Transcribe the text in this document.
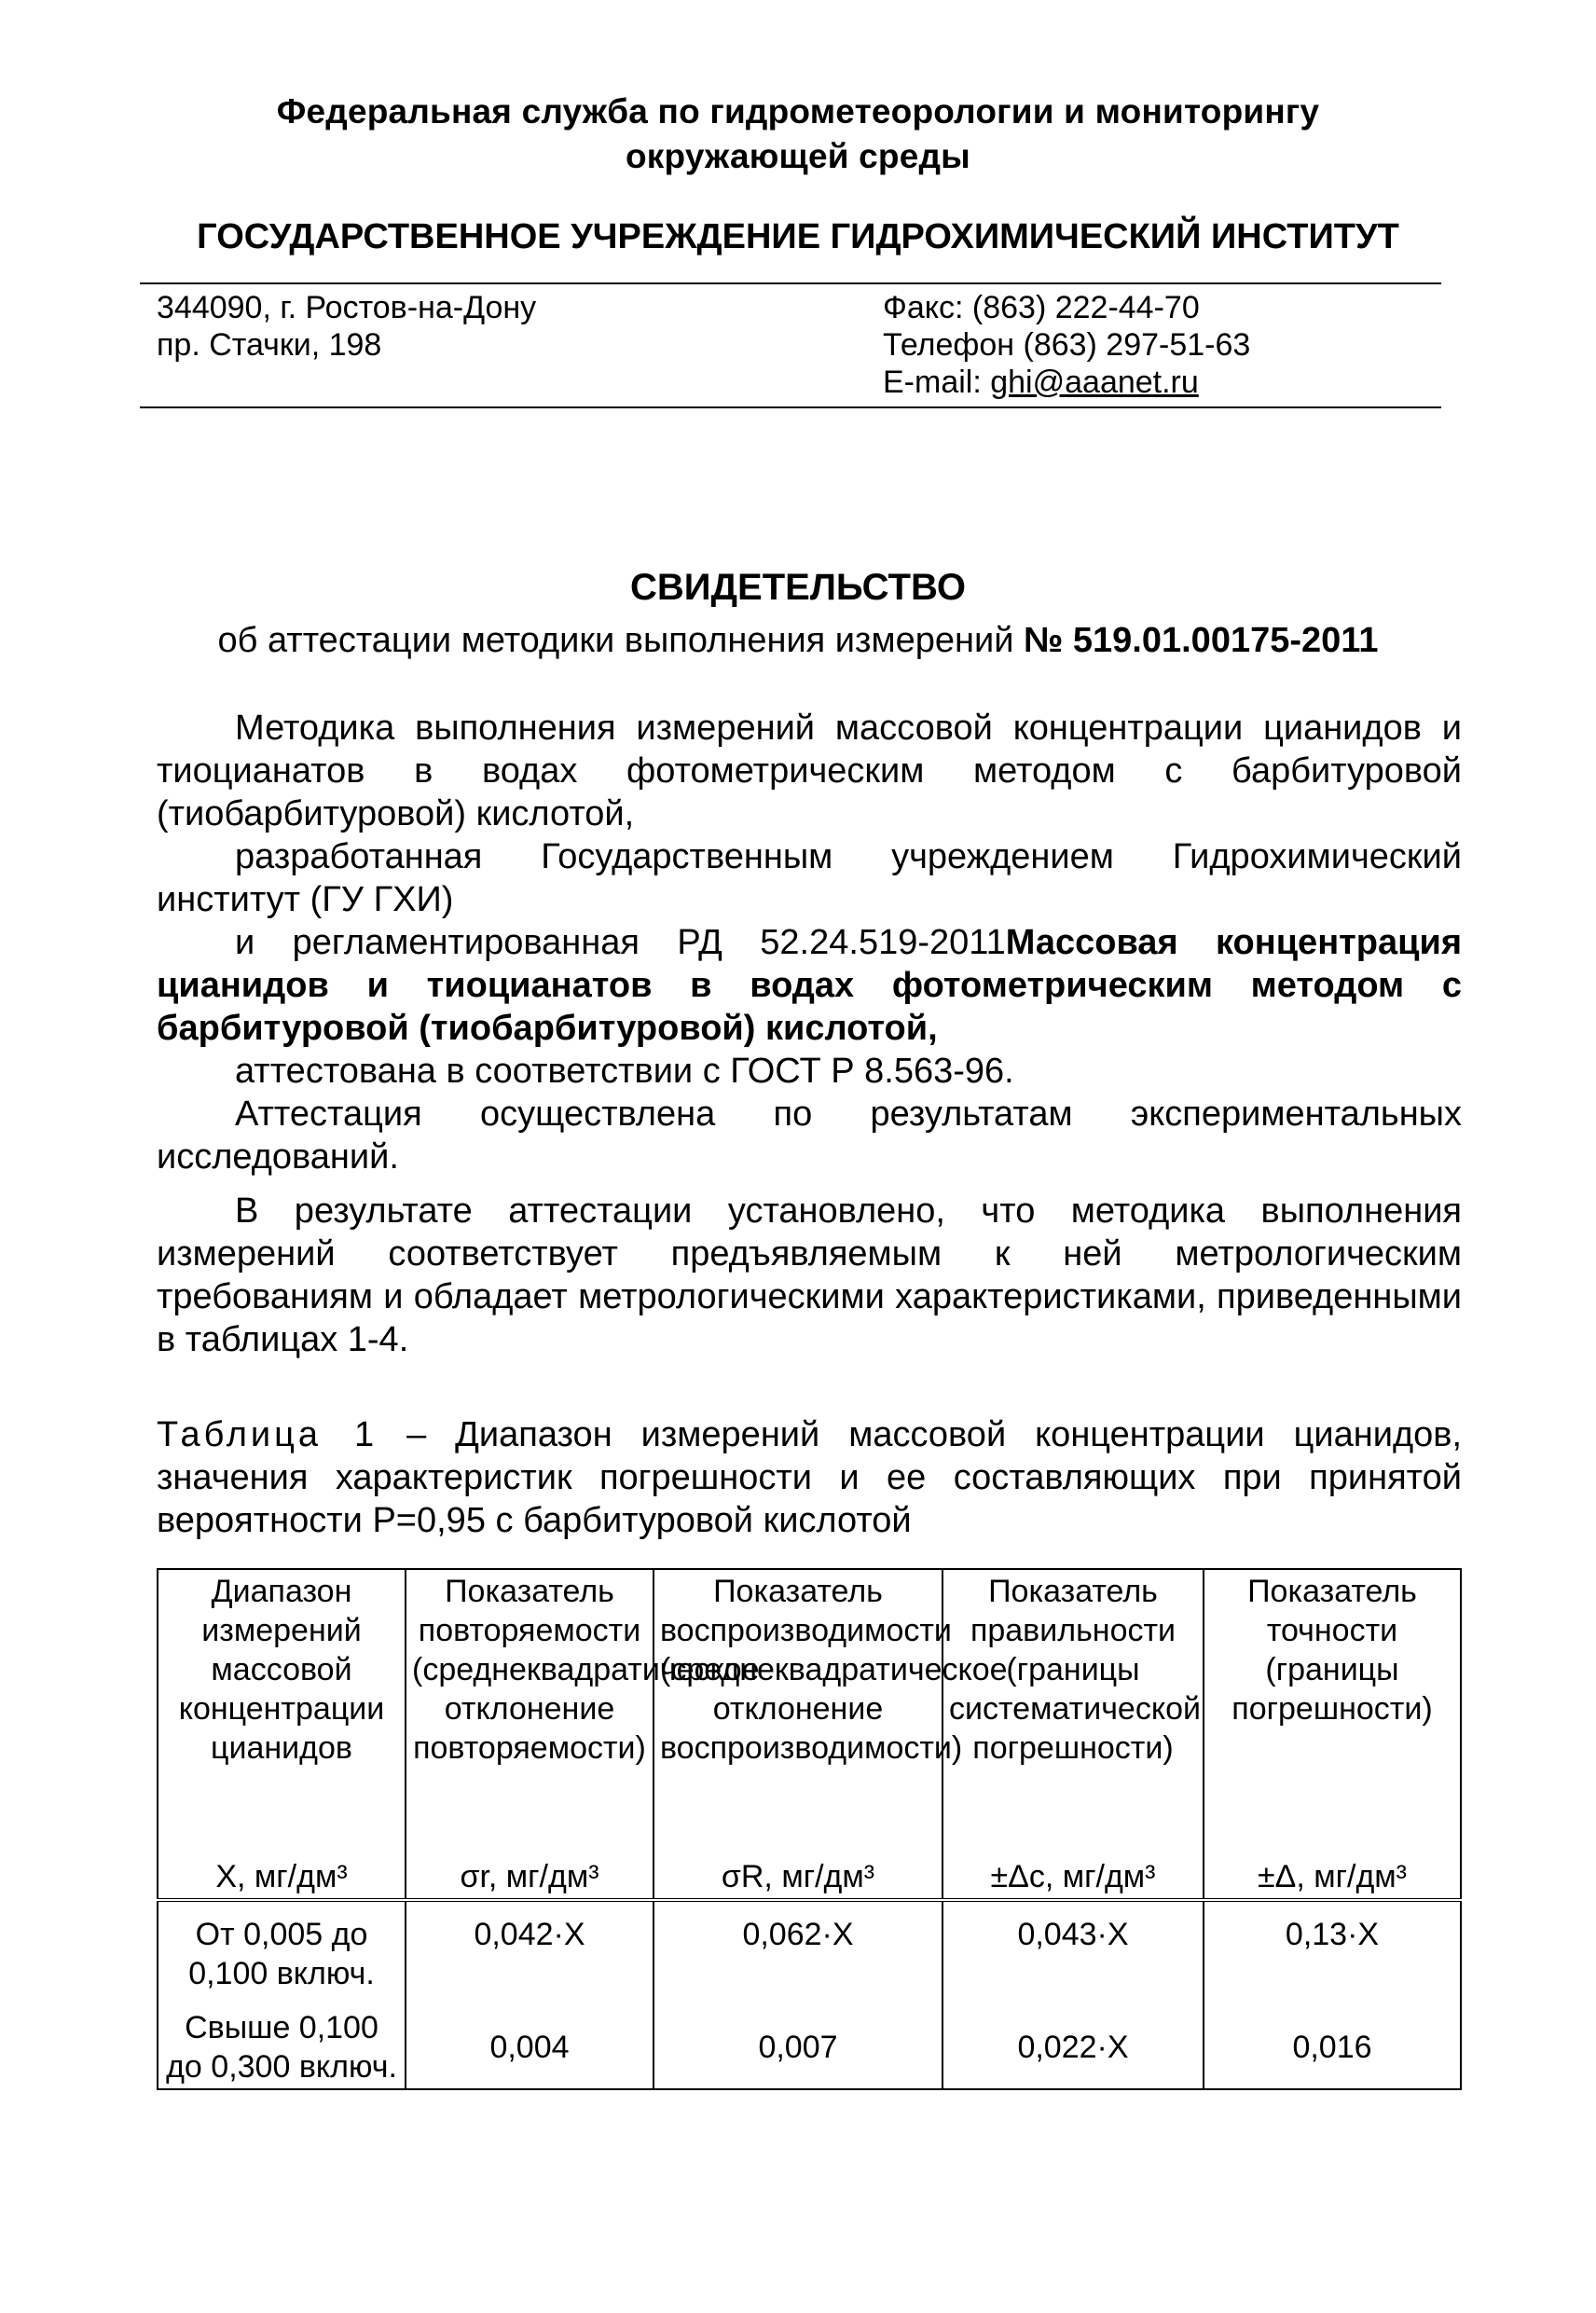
Федеральная служба по гидрометеорологии и мониторингу
окружающей среды
ГОСУДАРСТВЕННОЕ УЧРЕЖДЕНИЕ ГИДРОХИМИЧЕСКИЙ ИНСТИТУТ
344090, г. Ростов-на-Дону
пр. Стачки, 198
Факс: (863) 222-44-70
Телефон (863) 297-51-63
E-mail: ghi@aaanet.ru
СВИДЕТЕЛЬСТВО
об аттестации методики выполнения измерений № 519.01.00175-2011

Методика выполнения измерений массовой концентрации цианидов и тиоцианатов в водах фотометрическим методом с барбитуровой (тиобарбитуровой) кислотой,

разработанная Государственным учреждением Гидрохимический институт (ГУ ГХИ)

и регламентированная РД 52.24.519-2011Массовая концентрация цианидов и тиоцианатов в водах фотометрическим методом с барбитуровой (тиобарбитуровой) кислотой,

аттестована в соответствии с ГОСТ Р 8.563-96.

Аттестация осуществлена по результатам экспериментальных исследований.

В результате аттестации установлено, что методика выполнения измерений соответствует предъявляемым к ней метрологическим требованиям и обладает метрологическими характеристиками, приведенными в таблицах 1-4.

Таблица 1 – Диапазон измерений массовой концентрации цианидов, значения характеристик погрешности и ее составляющих при принятой вероятности Р=0,95 с барбитуровой кислотой
Диапазон измерений массовой концентрации цианидов	Показатель повторяемости (среднеквадратическое отклонение повторяемости)	Показатель воспроизводимости (среднеквадратическое отклонение воспроизводимости)	Показатель правильности (границы систематической погрешности)	Показатель точности (границы погрешности)

X, мг/дм³	σr, мг/дм³	σR, мг/дм³	±Δc, мг/дм³	±Δ, мг/дм³

От 0,005 до 0,100 включ.	0,042·X	0,062·X	0,043·X	0,13·X
Свыше 0,100 до 0,300 включ.	0,004	0,007	0,022·X	0,016
